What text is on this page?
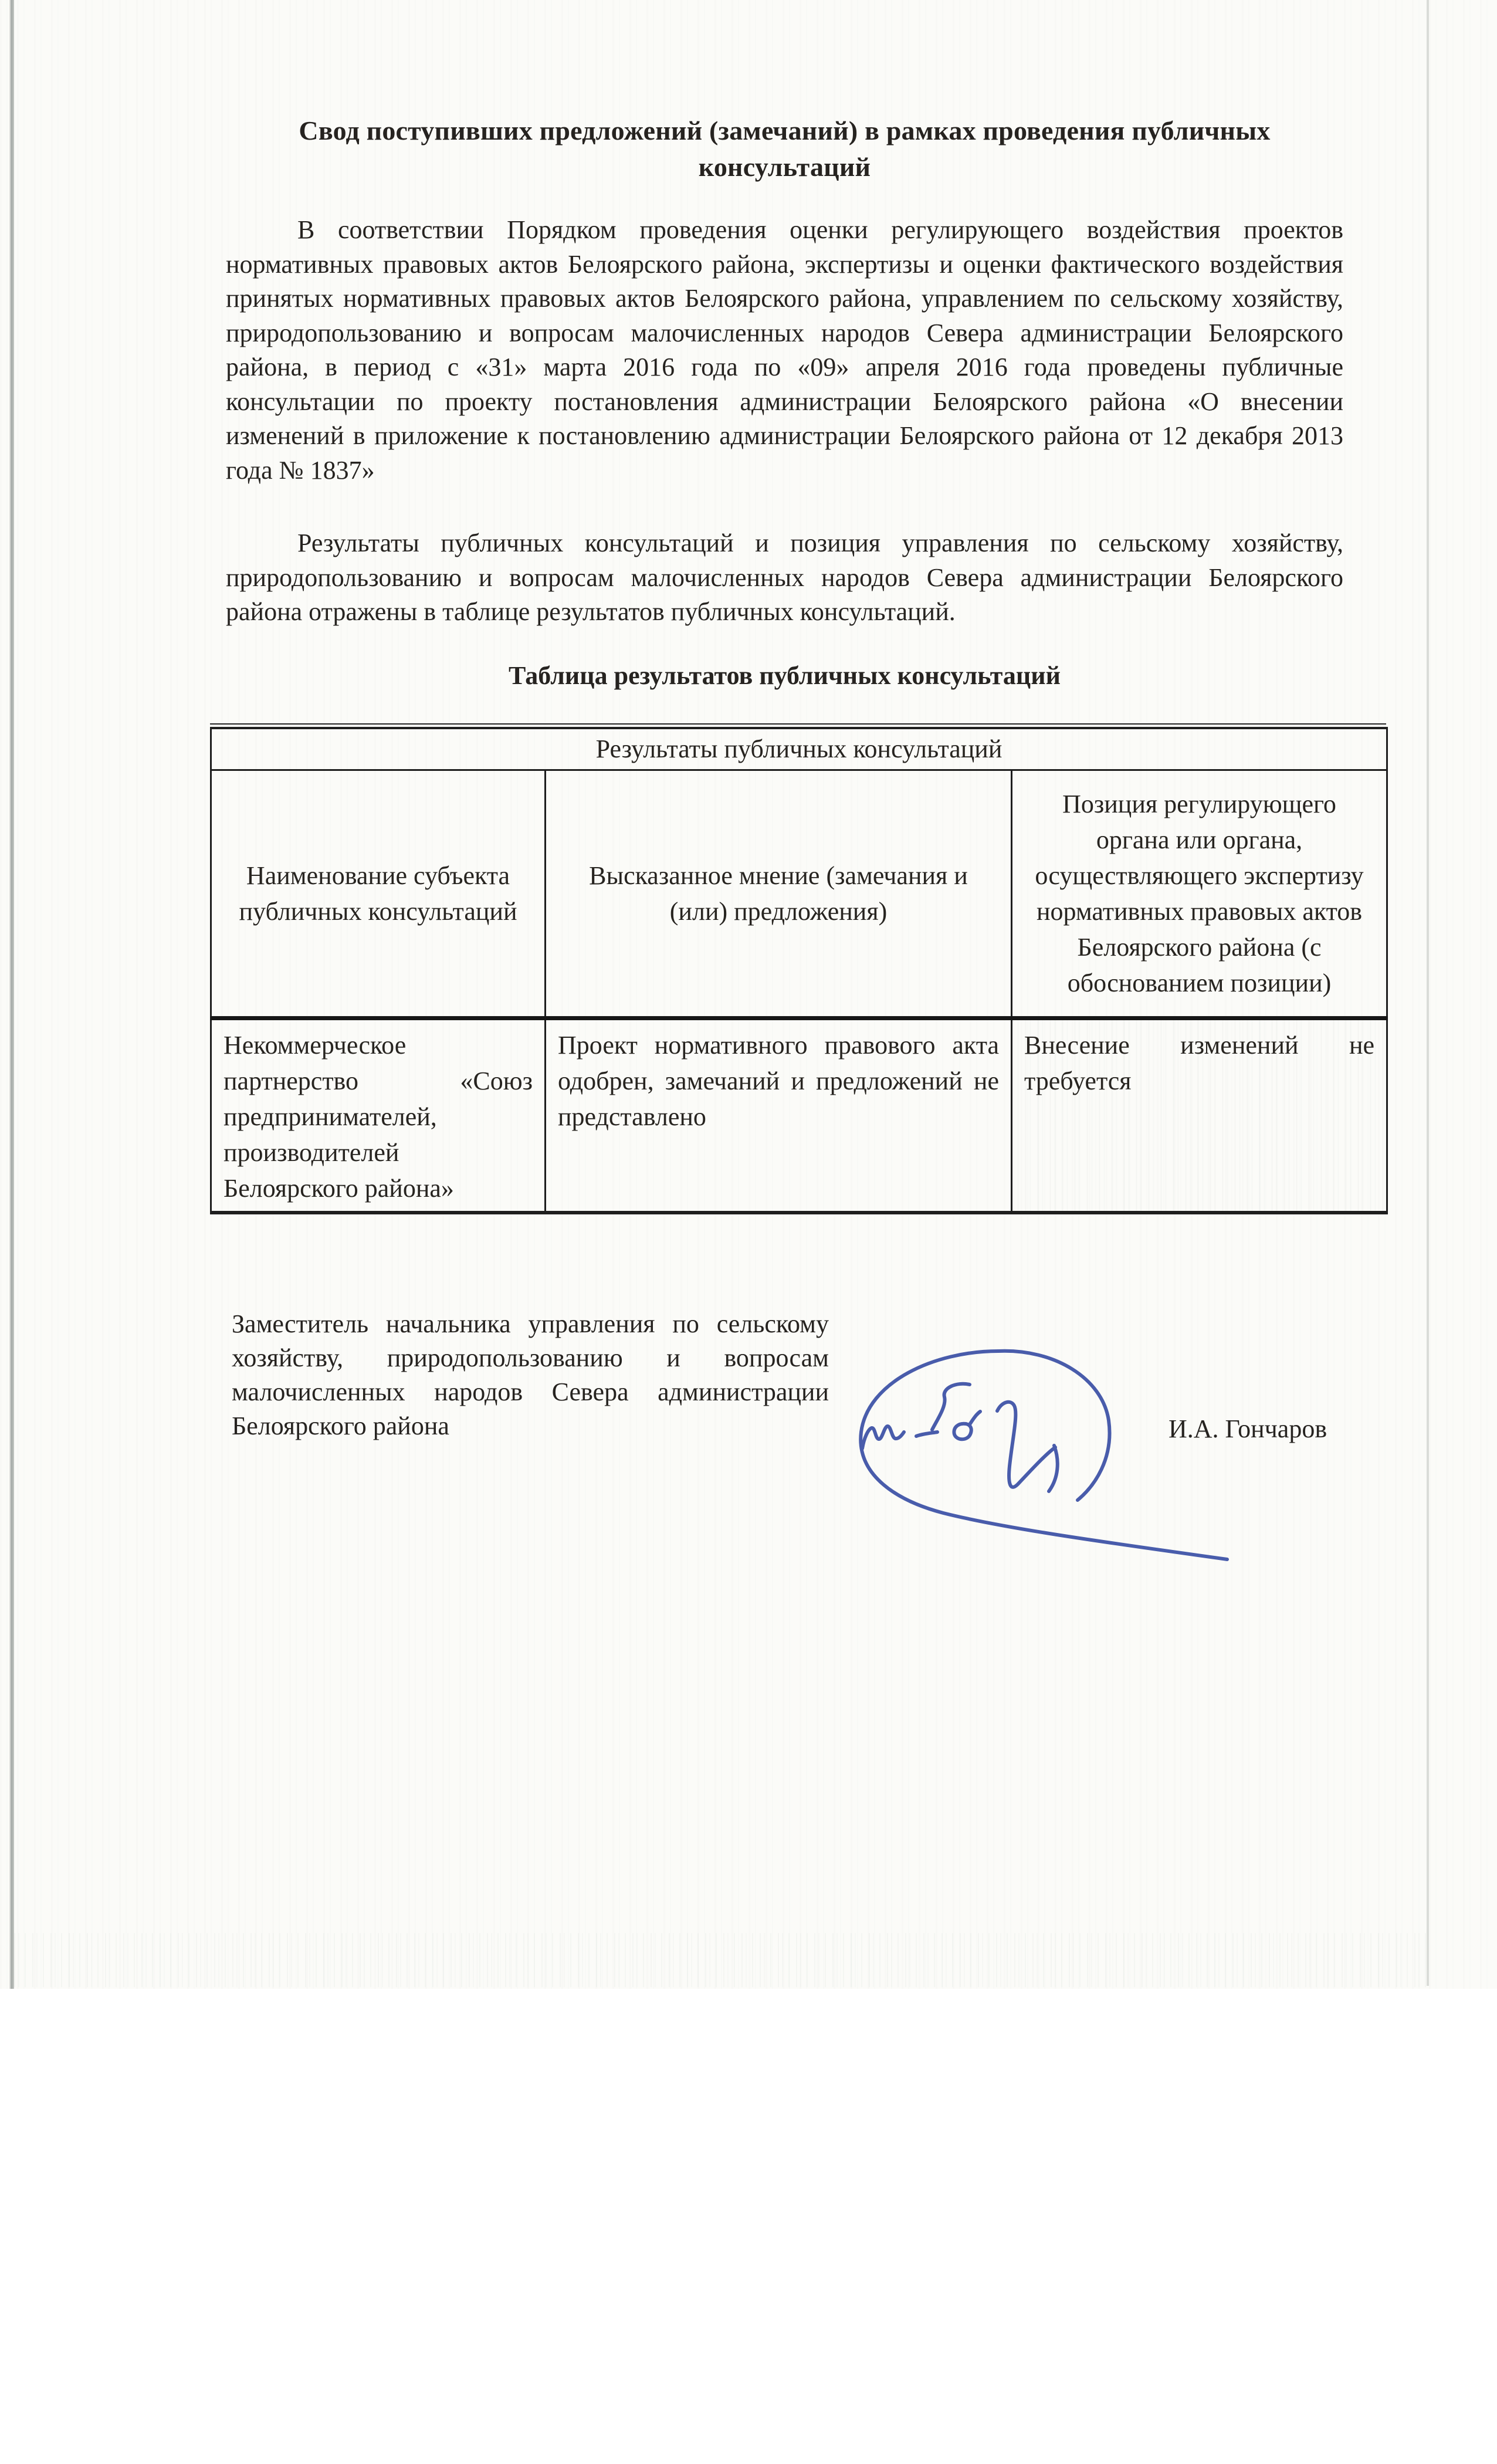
Свод поступивших предложений (замечаний) в рамках проведения публичных консультаций

В соответствии Порядком проведения оценки регулирующего воздействия проектов нормативных правовых актов Белоярского района, экспертизы и оценки фактического воздействия принятых нормативных правовых актов Белоярского района, управлением по сельскому хозяйству, природопользованию и вопросам малочисленных народов Севера администрации Белоярского района, в период с «31» марта 2016 года по «09» апреля 2016 года проведены публичные консультации по проекту постановления администрации Белоярского района «О внесении изменений в приложение к постановлению администрации Белоярского района от 12 декабря 2013 года № 1837»

Результаты публичных консультаций и позиция управления по сельскому хозяйству, природопользованию и вопросам малочисленных народов Севера администрации Белоярского района отражены в таблице результатов публичных консультаций.

Таблица результатов публичных консультаций
Результаты публичных консультаций		
Наименование субъекта публичных консультаций	Высказанное мнение (замечания и (или) предложения)	Позиция регулирующего органа или органа, осуществляющего экспертизу нормативных правовых актов Белоярского района (с обоснованием позиции)
Некоммерческое партнерство «Союз предпринимателей, производителей Белоярского района»	Проект нормативного правового акта одобрен, замечаний и предложений не представлено	Внесение изменений не требуется
Заместитель начальника управления по сельскому хозяйству, природопользованию и вопросам малочисленных народов Севера администрации Белоярского района	И.А. Гончаров
